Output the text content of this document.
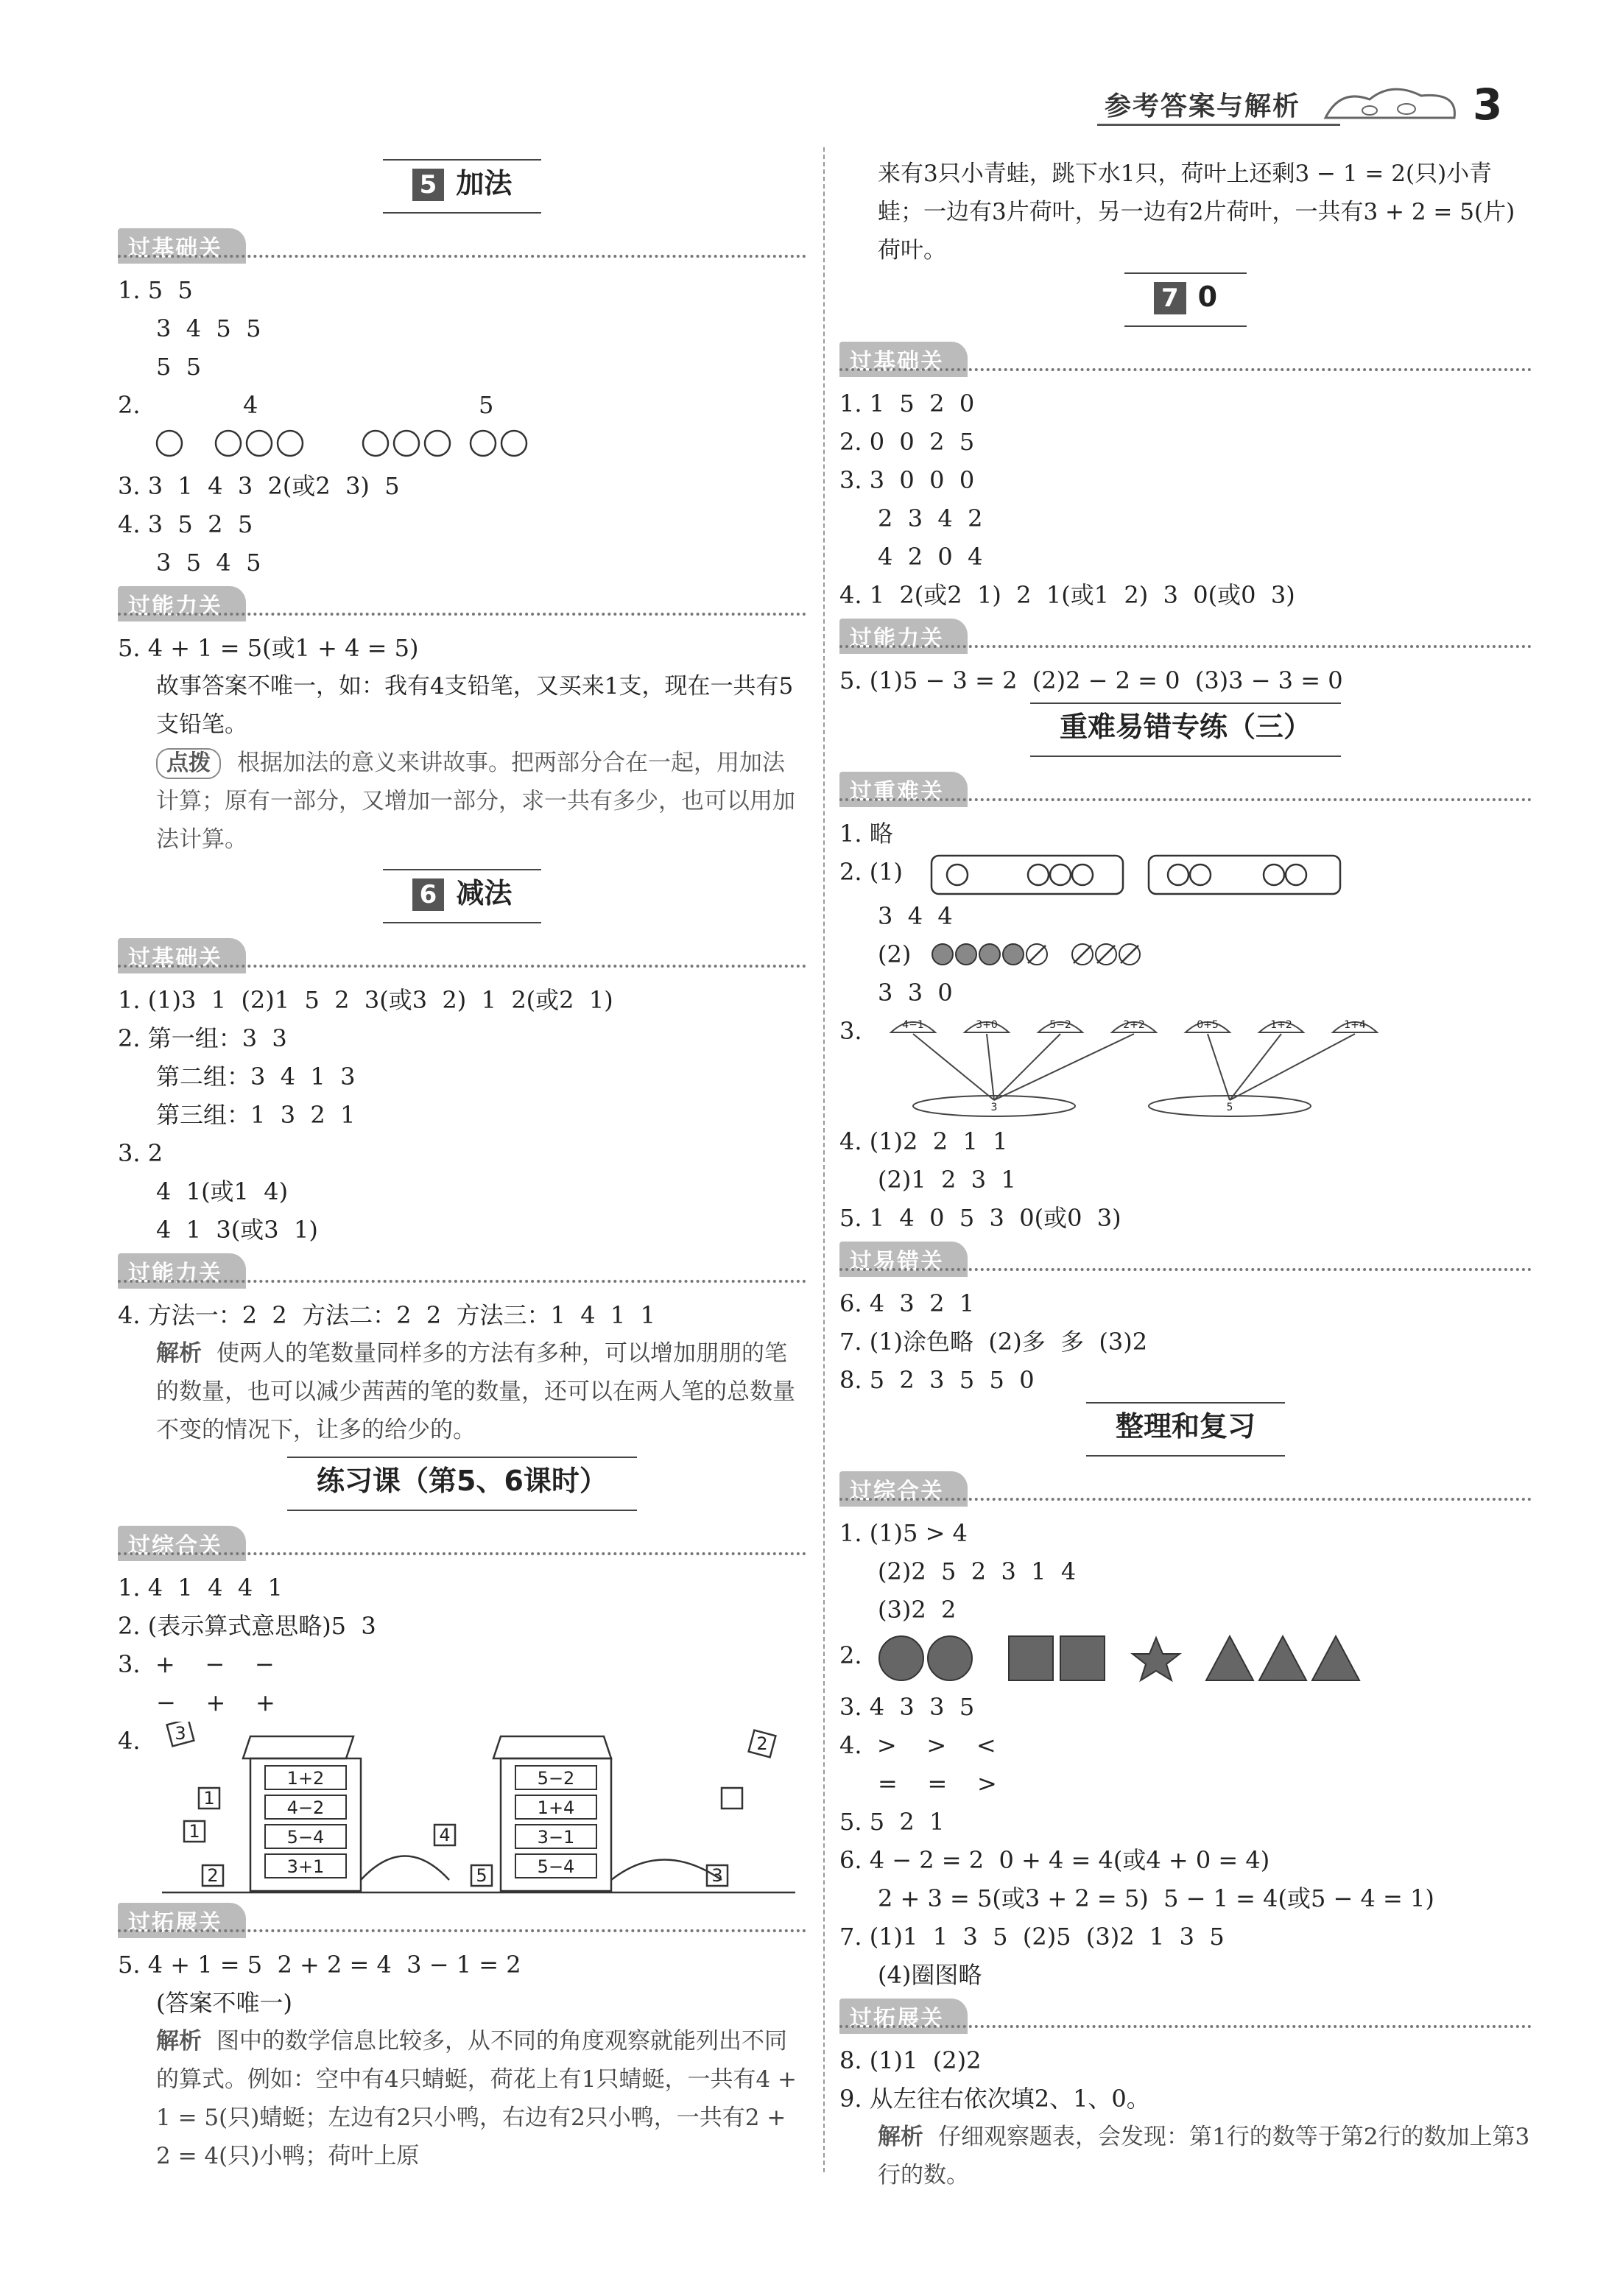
参考答案与解析	3
5 加法
过基础关
1. 5  5
3  4  5  5
5  5
2.	4	5
3. 3  1  4  3  2(或2  3)  5
4. 3  5  2  5
3  5  4  5
过能力关
5. 4 + 1 = 5(或1 + 4 = 5)
故事答案不唯一，如：我有4支铅笔，又买来1支，现在一共有5支铅笔。
点拨 根据加法的意义来讲故事。把两部分合在一起，用加法计算；原有一部分，又增加一部分，求一共有多少，也可以用加法计算。
6 减法
过基础关
1. (1)3  1  (2)1  5  2  3(或3  2)  1  2(或2  1)
2. 第一组：3  3
第二组：3  4  1  3
第三组：1  3  2  1
3. 2
4  1(或1  4)
4  1  3(或3  1)
过能力关
4. 方法一：2  2  方法二：2  2  方法三：1  4  1  1
解析 使两人的笔数量同样多的方法有多种，可以增加朋朋的笔的数量，也可以减少茜茜的笔的数量，还可以在两人笔的总数量不变的情况下，让多的给少的。
练习课（第5、6课时）
过综合关
1. 4  1  4  4  1
2. (表示算式意思略)5  3
3.  +    −    −
−    +    +
4.
1+2
4−2
5−4
3+1
5−2
1+4
3−1
5−4
3
1
1
2
4
5
2
3
过拓展关
5. 4 + 1 = 5  2 + 2 = 4  3 − 1 = 2
(答案不唯一)
解析 图中的数学信息比较多，从不同的角度观察就能列出不同的算式。例如：空中有4只蜻蜓，荷花上有1只蜻蜓，一共有4 + 1 = 5(只)蜻蜓；左边有2只小鸭，右边有2只小鸭，一共有2 + 2 = 4(只)小鸭；荷叶上原
来有3只小青蛙，跳下水1只，荷叶上还剩3 − 1 = 2(只)小青蛙；一边有3片荷叶，另一边有2片荷叶，一共有3 + 2 = 5(片)荷叶。
7 0
过基础关
1. 1  5  2  0
2. 0  0  2  5
3. 3  0  0  0
2  3  4  2
4  2  0  4
4. 1  2(或2  1)  2  1(或1  2)  3  0(或0  3)
过能力关
5. (1)5 − 3 = 2  (2)2 − 2 = 0  (3)3 − 3 = 0
重难易错专练（三）
过重难关
1. 略
2. (1)
3  4  4
(2)
3  3  0
3.	4−1	3+0	5−2	2+2	0+5	1+2	1+4
3	5
4. (1)2  2  1  1
(2)1  2  3  1
5. 1  4  0  5  3  0(或0  3)
过易错关
6. 4  3  2  1
7. (1)涂色略  (2)多  多  (3)2
8. 5  2  3  5  5  0
整理和复习
过综合关
1. (1)5 > 4
(2)2  5  2  3  1  4
(3)2  2
2.
3. 4  3  3  5
4.  >    >    <
=    =    >
5. 5  2  1
6. 4 − 2 = 2  0 + 4 = 4(或4 + 0 = 4)
2 + 3 = 5(或3 + 2 = 5)  5 − 1 = 4(或5 − 4 = 1)
7. (1)1  1  3  5  (2)5  (3)2  1  3  5
(4)圈图略
过拓展关
8. (1)1  (2)2
9. 从左往右依次填2、1、0。
解析 仔细观察题表，会发现：第1行的数等于第2行的数加上第3行的数。
